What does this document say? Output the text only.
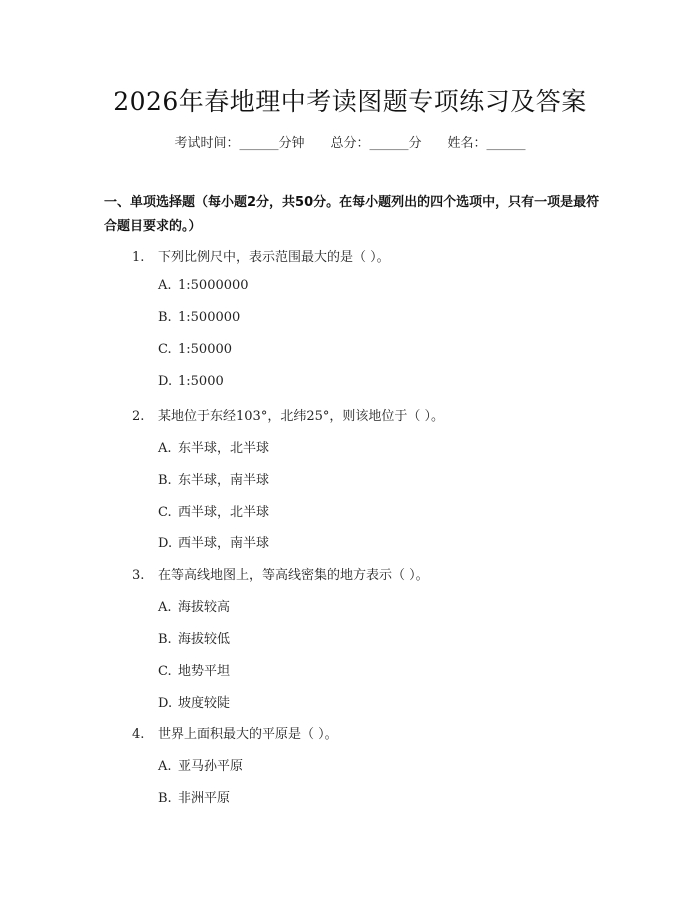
2026年春地理中考读图题专项练习及答案
考试时间：______分钟 总分：______分 姓名：______
一、单项选择题（每小题2分，共50分。在每小题列出的四个选项中，只有一项是最符合题目要求的。）
1. 下列比例尺中，表示范围最大的是（ ）。
A. 1:5000000
B. 1:500000
C. 1:50000
D. 1:5000
2. 某地位于东经103°，北纬25°，则该地位于（ ）。
A. 东半球，北半球
B. 东半球，南半球
C. 西半球，北半球
D. 西半球，南半球
3. 在等高线地图上，等高线密集的地方表示（ ）。
A. 海拔较高
B. 海拔较低
C. 地势平坦
D. 坡度较陡
4. 世界上面积最大的平原是（ ）。
A. 亚马孙平原
B. 非洲平原
